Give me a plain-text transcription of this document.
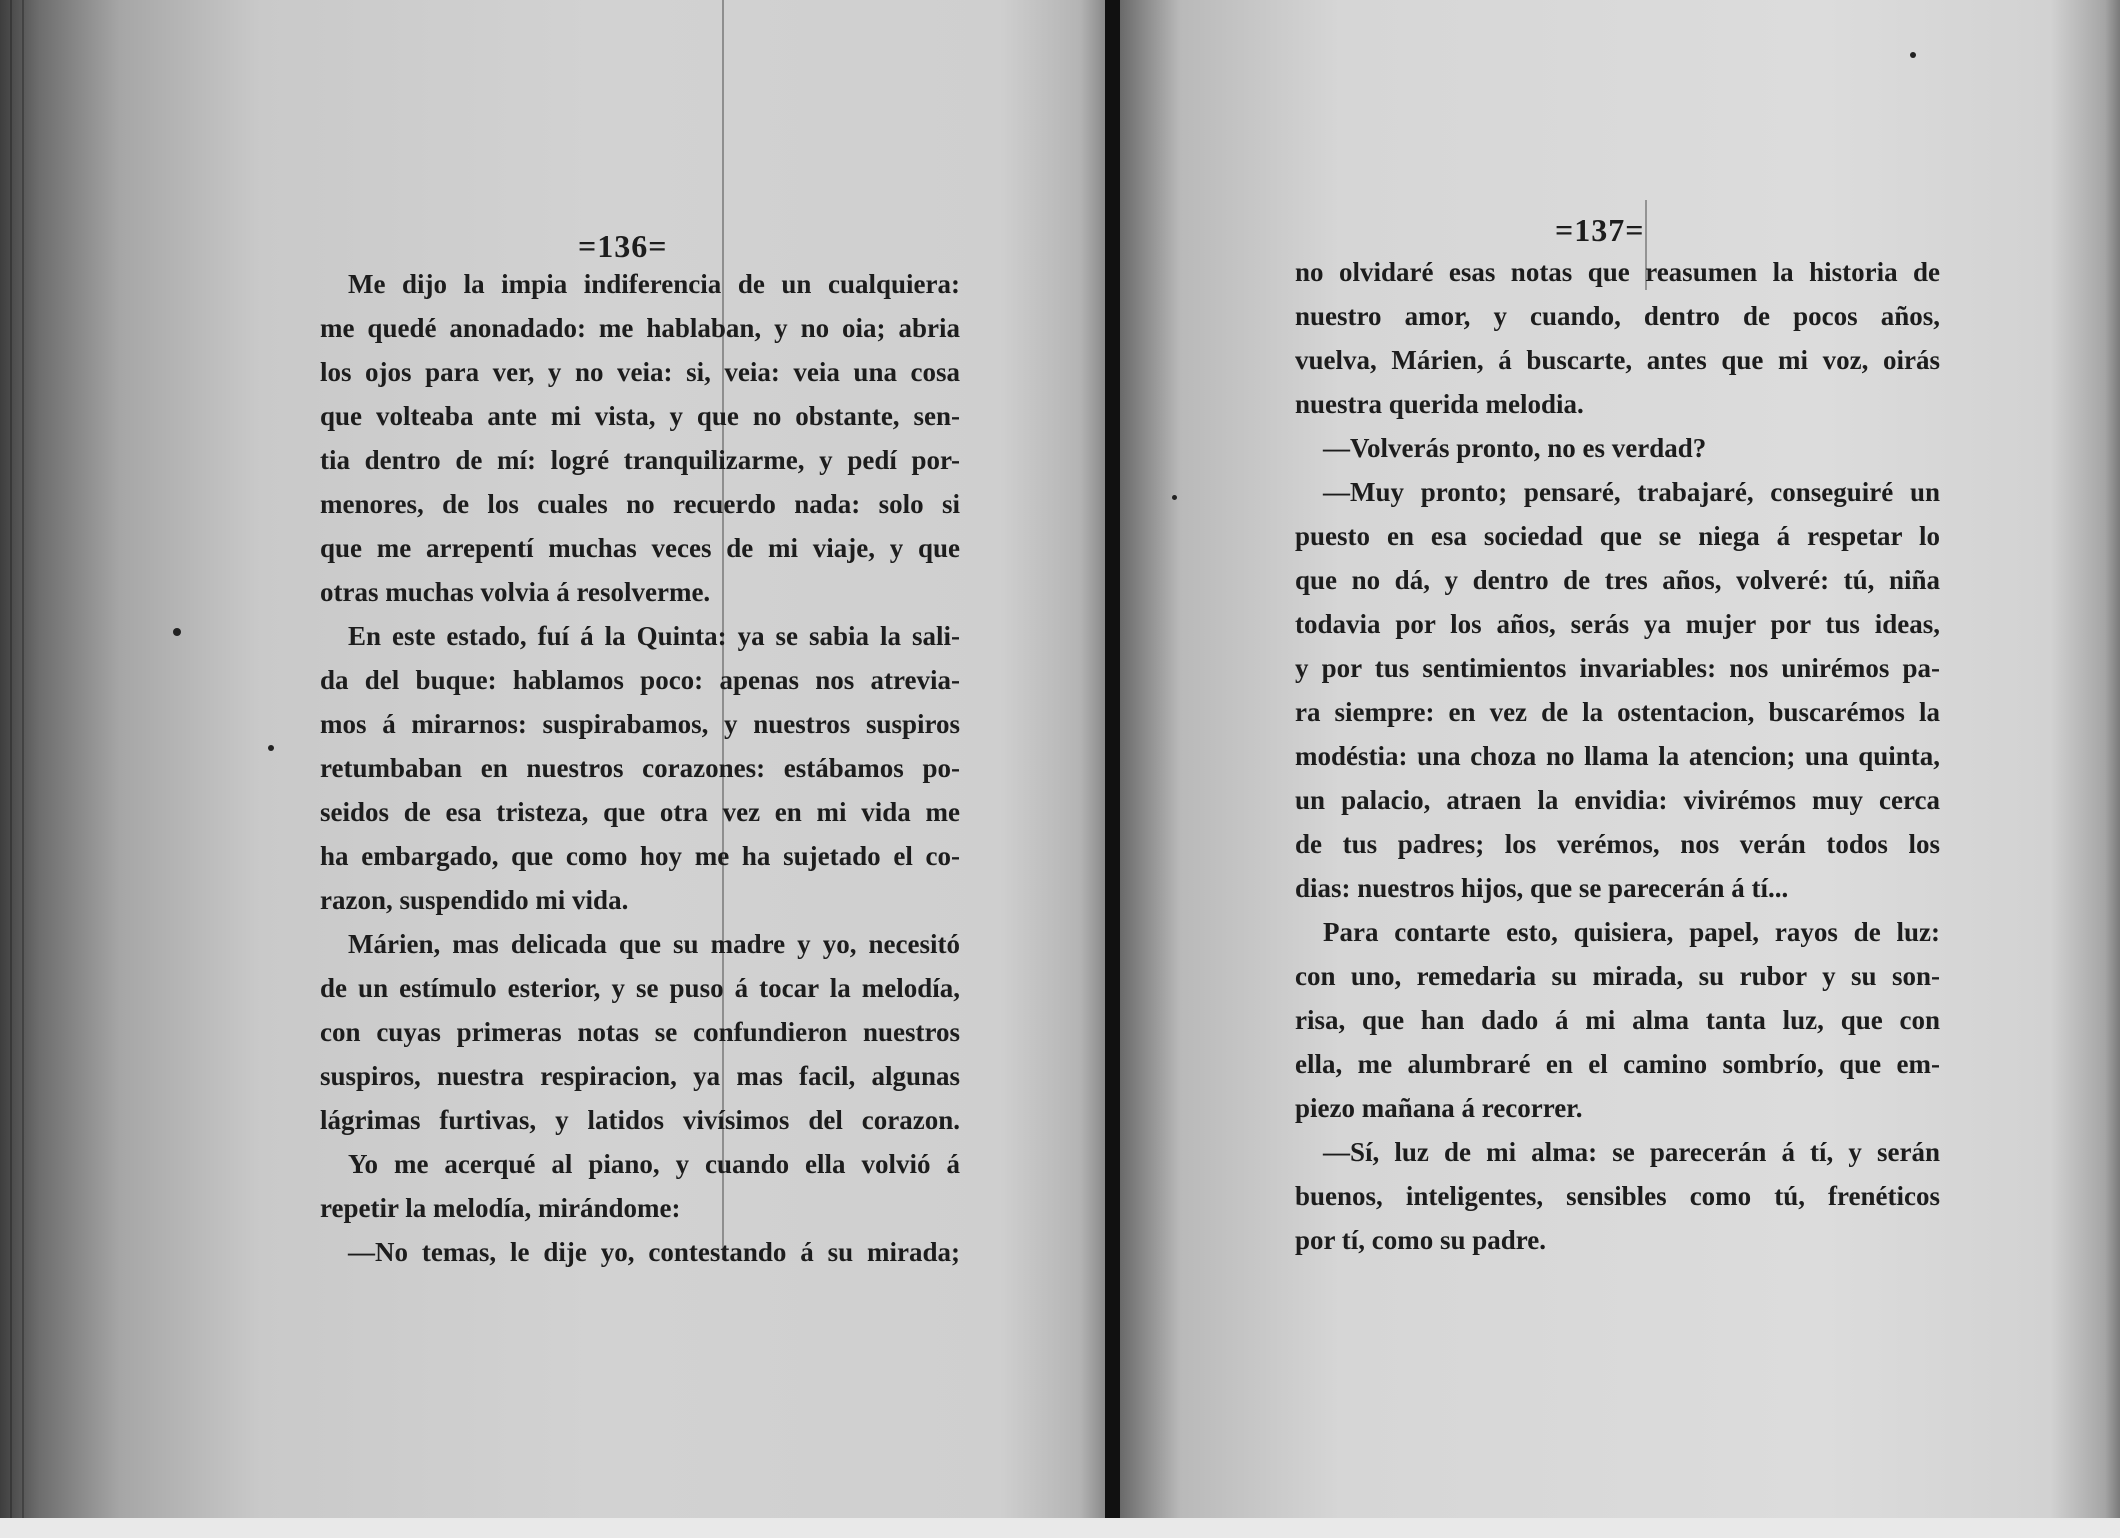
=136=
Me dijo la impia indiferencia de un cualquiera:
me quedé anonadado: me hablaban, y no oia; abria
los ojos para ver, y no veia: si, veia: veia una cosa
que volteaba ante mi vista, y que no obstante, sen-
tia dentro de mí: logré tranquilizarme, y pedí por-
menores, de los cuales no recuerdo nada: solo si
que me arrepentí muchas veces de mi viaje, y que
otras muchas volvia á resolverme.
En este estado, fuí á la Quinta: ya se sabia la sali-
da del buque: hablamos poco: apenas nos atrevia-
mos á mirarnos: suspirabamos, y nuestros suspiros
retumbaban en nuestros corazones: estábamos po-
seidos de esa tristeza, que otra vez en mi vida me
ha embargado, que como hoy me ha sujetado el co-
razon, suspendido mi vida.
Márien, mas delicada que su madre y yo, necesitó
de un estímulo esterior, y se puso á tocar la melodía,
con cuyas primeras notas se confundieron nuestros
suspiros, nuestra respiracion, ya mas facil, algunas
lágrimas furtivas, y latidos vivísimos del corazon.
Yo me acerqué al piano, y cuando ella volvió á
repetir la melodía, mirándome:
—No temas, le dije yo, contestando á su mirada;
=137=
no olvidaré esas notas que reasumen la historia de
nuestro amor, y cuando, dentro de pocos años,
vuelva, Márien, á buscarte, antes que mi voz, oirás
nuestra querida melodia.
—Volverás pronto, no es verdad?
—Muy pronto; pensaré, trabajaré, conseguiré un
puesto en esa sociedad que se niega á respetar lo
que no dá, y dentro de tres años, volveré: tú, niña
todavia por los años, serás ya mujer por tus ideas,
y por tus sentimientos invariables: nos unirémos pa-
ra siempre: en vez de la ostentacion, buscarémos la
modéstia: una choza no llama la atencion; una quinta,
un palacio, atraen la envidia: vivirémos muy cerca
de tus padres; los verémos, nos verán todos los
dias: nuestros hijos, que se parecerán á tí...
Para contarte esto, quisiera, papel, rayos de luz:
con uno, remedaria su mirada, su rubor y su son-
risa, que han dado á mi alma tanta luz, que con
ella, me alumbraré en el camino sombrío, que em-
piezo mañana á recorrer.
—Sí, luz de mi alma: se parecerán á tí, y serán
buenos, inteligentes, sensibles como tú, frenéticos
por tí, como su padre.
